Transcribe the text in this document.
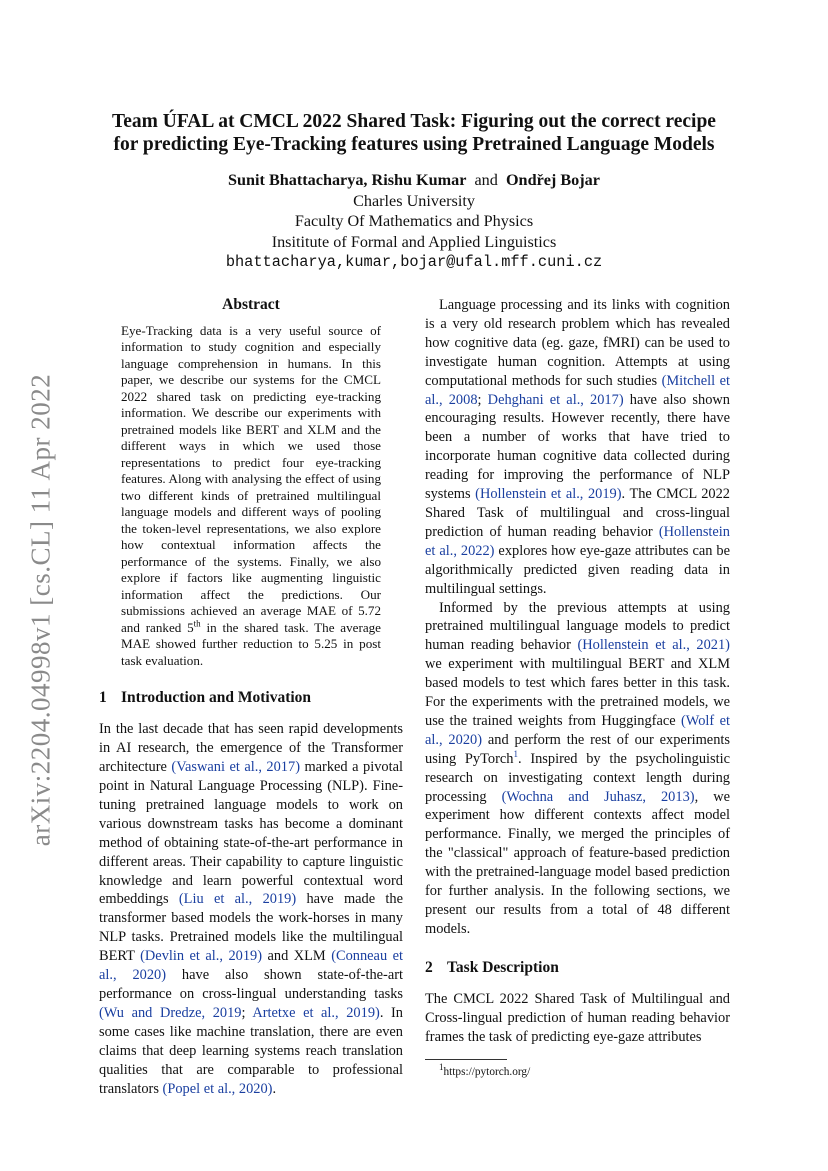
arXiv:2204.04998v1 [cs.CL] 11 Apr 2022
Team ÚFAL at CMCL 2022 Shared Task: Figuring out the correct recipe
for predicting Eye-Tracking features using Pretrained Language Models
Sunit Bhattacharya, Rishu Kumar and Ondřej Bojar
Charles University
Faculty Of Mathematics and Physics
Insititute of Formal and Applied Linguistics
bhattacharya,kumar,bojar@ufal.mff.cuni.cz
Abstract

Eye-Tracking data is a very useful source of information to study cognition and especially language comprehension in humans. In this paper, we describe our systems for the CMCL 2022 shared task on predicting eye-tracking information. We describe our experiments with pretrained models like BERT and XLM and the different ways in which we used those representations to predict four eye-tracking features. Along with analysing the effect of using two different kinds of pretrained multilingual language models and different ways of pooling the token-level representations, we also explore how contextual information affects the performance of the systems. Finally, we also explore if factors like augmenting linguistic information affect the predictions. Our submissions achieved an average MAE of 5.72 and ranked 5th in the shared task. The average MAE showed further reduction to 5.25 in post task evaluation.

1 Introduction and Motivation

In the last decade that has seen rapid developments in AI research, the emergence of the Transformer architecture (Vaswani et al., 2017) marked a pivotal point in Natural Language Processing (NLP). Fine-tuning pretrained language models to work on various downstream tasks has become a dominant method of obtaining state-of-the-art performance in different areas. Their capability to capture linguistic knowledge and learn powerful contextual word embeddings (Liu et al., 2019) have made the transformer based models the work-horses in many NLP tasks. Pretrained models like the multilingual BERT (Devlin et al., 2019) and XLM (Conneau et al., 2020) have also shown state-of-the-art performance on cross-lingual understanding tasks (Wu and Dredze, 2019; Artetxe et al., 2019). In some cases like machine translation, there are even claims that deep learning systems reach translation qualities that are comparable to professional translators (Popel et al., 2020).

Language processing and its links with cognition is a very old research problem which has revealed how cognitive data (eg. gaze, fMRI) can be used to investigate human cognition. Attempts at using computational methods for such studies (Mitchell et al., 2008; Dehghani et al., 2017) have also shown encouraging results. However recently, there have been a number of works that have tried to incorporate human cognitive data collected during reading for improving the performance of NLP systems (Hollenstein et al., 2019). The CMCL 2022 Shared Task of multilingual and cross-lingual prediction of human reading behavior (Hollenstein et al., 2022) explores how eye-gaze attributes can be algorithmically predicted given reading data in multilingual settings.

Informed by the previous attempts at using pretrained multilingual language models to predict human reading behavior (Hollenstein et al., 2021) we experiment with multilingual BERT and XLM based models to test which fares better in this task. For the experiments with the pretrained models, we use the trained weights from Huggingface (Wolf et al., 2020) and perform the rest of our experiments using PyTorch$^1$. Inspired by the psycholinguistic research on investigating context length during processing (Wochna and Juhasz, 2013), we experiment how different contexts affect model performance. Finally, we merged the principles of the "classical" approach of feature-based prediction with the pretrained-language model based prediction for further analysis. In the following sections, we present our results from a total of 48 different models.

2 Task Description

The CMCL 2022 Shared Task of Multilingual and Cross-lingual prediction of human reading behavior frames the task of predicting eye-gaze attributes

$^1$https://pytorch.org/
